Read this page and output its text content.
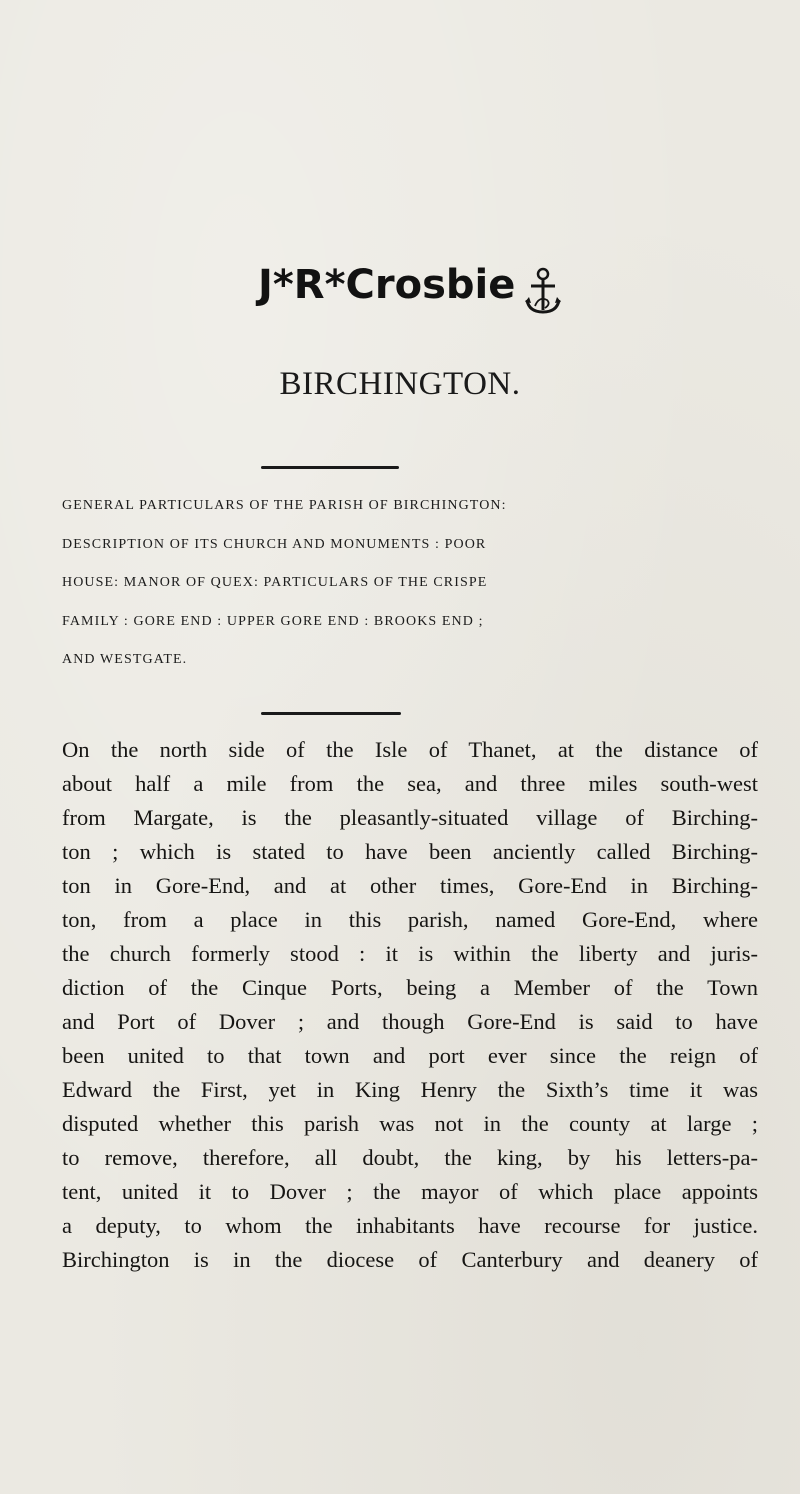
J*R*Crosbie
BIRCHINGTON.
GENERAL PARTICULARS OF THE PARISH OF BIRCHINGTON:
DESCRIPTION OF ITS CHURCH AND MONUMENTS : POOR
HOUSE: MANOR OF QUEX: PARTICULARS OF THE CRISPE
FAMILY : GORE END : UPPER GORE END : BROOKS END ;
AND WESTGATE.
On the north side of the Isle of Thanet, at the distance of
about half a mile from the sea, and three miles south-west
from Margate, is the pleasantly-situated village of Birching-
ton ; which is stated to have been anciently called Birching-
ton in Gore-End, and at other times, Gore-End in Birching-
ton, from a place in this parish, named Gore-End, where
the church formerly stood : it is within the liberty and juris-
diction of the Cinque Ports, being a Member of the Town
and Port of Dover ; and though Gore-End is said to have
been united to that town and port ever since the reign of
Edward the First, yet in King Henry the Sixth’s time it was
disputed whether this parish was not in the county at large ;
to remove, therefore, all doubt, the king, by his letters-pa-
tent, united it to Dover ; the mayor of which place appoints
a deputy, to whom the inhabitants have recourse for justice.
Birchington is in the diocese of Canterbury and deanery of
